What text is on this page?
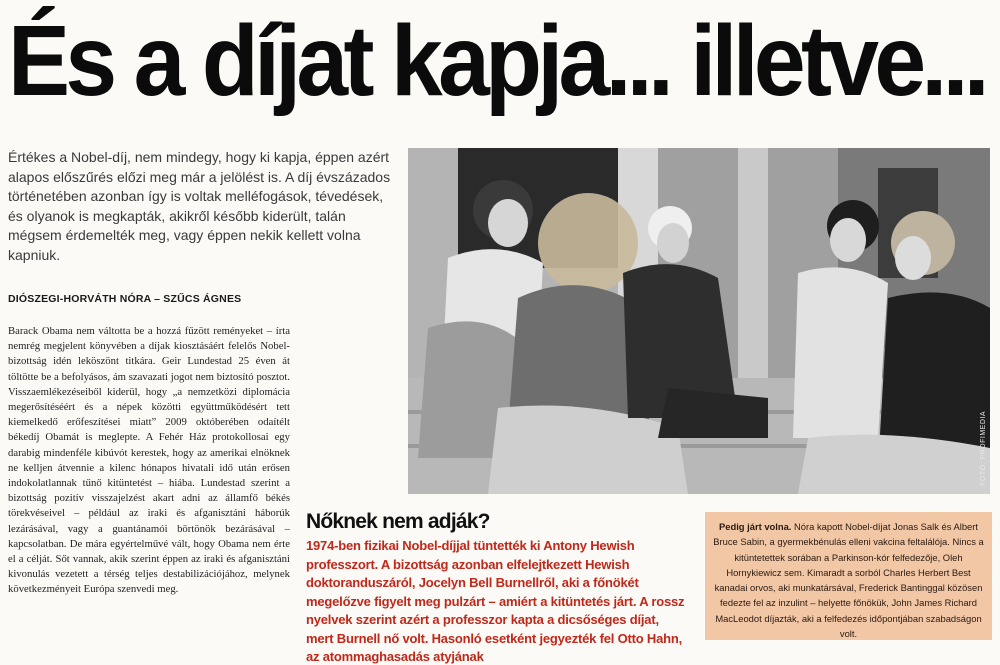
És a díjat kapja... illetve...

Értékes a Nobel-díj, nem mindegy, hogy ki kapja, éppen azért alapos előszűrés előzi meg már a jelölést is. A díj évszázados történetében azonban így is voltak melléfogások, tévedések, és olyanok is megkapták, akikről később kiderült, talán mégsem érdemelték meg, vagy éppen nekik kellett volna kapniuk.

DIÓSZEGI-HORVÁTH NÓRA – SZŰCS ÁGNES

Barack Obama nem váltotta be a hozzá fűzött reményeket – írta nemrég megjelent könyvében a díjak kiosztásáért felelős Nobel-bizottság idén leköszönt titkára. Geir Lundestad 25 éven át töltötte be a befolyásos, ám szavazati jogot nem biztosító posztot. Visszaemlékezéseiből kiderül, hogy „a nemzetközi diplomácia megerősítéséért és a népek közötti együttműködésért tett kiemelkedő erőfeszítései miatt” 2009 októberében odaítélt békedíj Obamát is meglepte. A Fehér Ház protokollosai egy darabig mindenféle kibúvót kerestek, hogy az amerikai elnöknek ne kelljen átvennie a kilenc hónapos hivatali idő után erősen indokolatlannak tűnő kitüntetést – hiába. Lundestad szerint a bizottság pozitív visszajelzést akart adni az államfő békés törekvéseivel – például az iraki és afganisztáni háborúk lezárásával, vagy a guantánamói börtönök bezárásával – kapcsolatban. De mára egyértelművé vált, hogy Obama nem érte el a célját. Sőt vannak, akik szerint éppen az iraki és afganisztáni kivonulás vezetett a térség teljes destabilizációjához, melynek következményeit Európa szenvedi meg.

FOTÓ: PROFIMEDIA
Nőknek nem adják?

1974-ben fizikai Nobel-díjjal tüntették ki Antony Hewish professzort. A bizottság azonban elfelejtkezett Hewish doktoranduszáról, Jocelyn Bell Burnellről, aki a főnökét megelőzve figyelt meg pulzárt – amiért a kitüntetés járt. A rossz nyelvek szerint azért a professzor kapta a dicsőséges díjat, mert Burnell nő volt. Hasonló esetként jegyezték fel Otto Hahn, az atommaghasadás atyjának

Pedig járt volna. Nóra kapott Nobel-díjat Jonas Salk és Albert Bruce Sabin, a gyermekbénulás elleni vakcina feltalálója. Nincs a kitüntetettek sorában a Parkinson-kór felfedezője, Oleh Hornykiewicz sem. Kimaradt a sorból Charles Herbert Best kanadai orvos, aki munkatársával, Frederick Bantinggal közösen fedezte fel az inzulint – helyette főnökük, John James Richard MacLeodot díjazták, aki a felfedezés időpontjában szabadságon volt.
